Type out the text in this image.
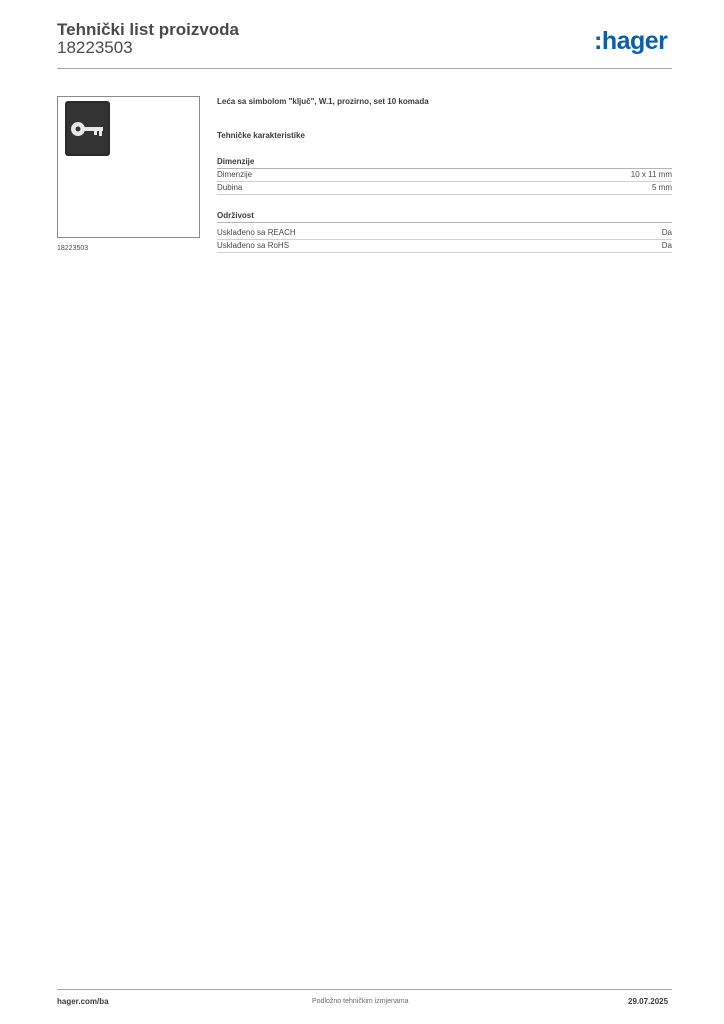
Tehnički list proizvoda
18223503	:hager
18223503
Leća sa simbolom "ključ", W.1, prozirno, set 10 komada
Tehničke karakteristike
Dimenzije
Dimenzije	10 x 11 mm
Dubina	5 mm
Održivost
Usklađeno sa REACH	Da
Usklađeno sa RoHS	Da
hager.com/ba	Podložno tehničkim izmjenama	29.07.2025
